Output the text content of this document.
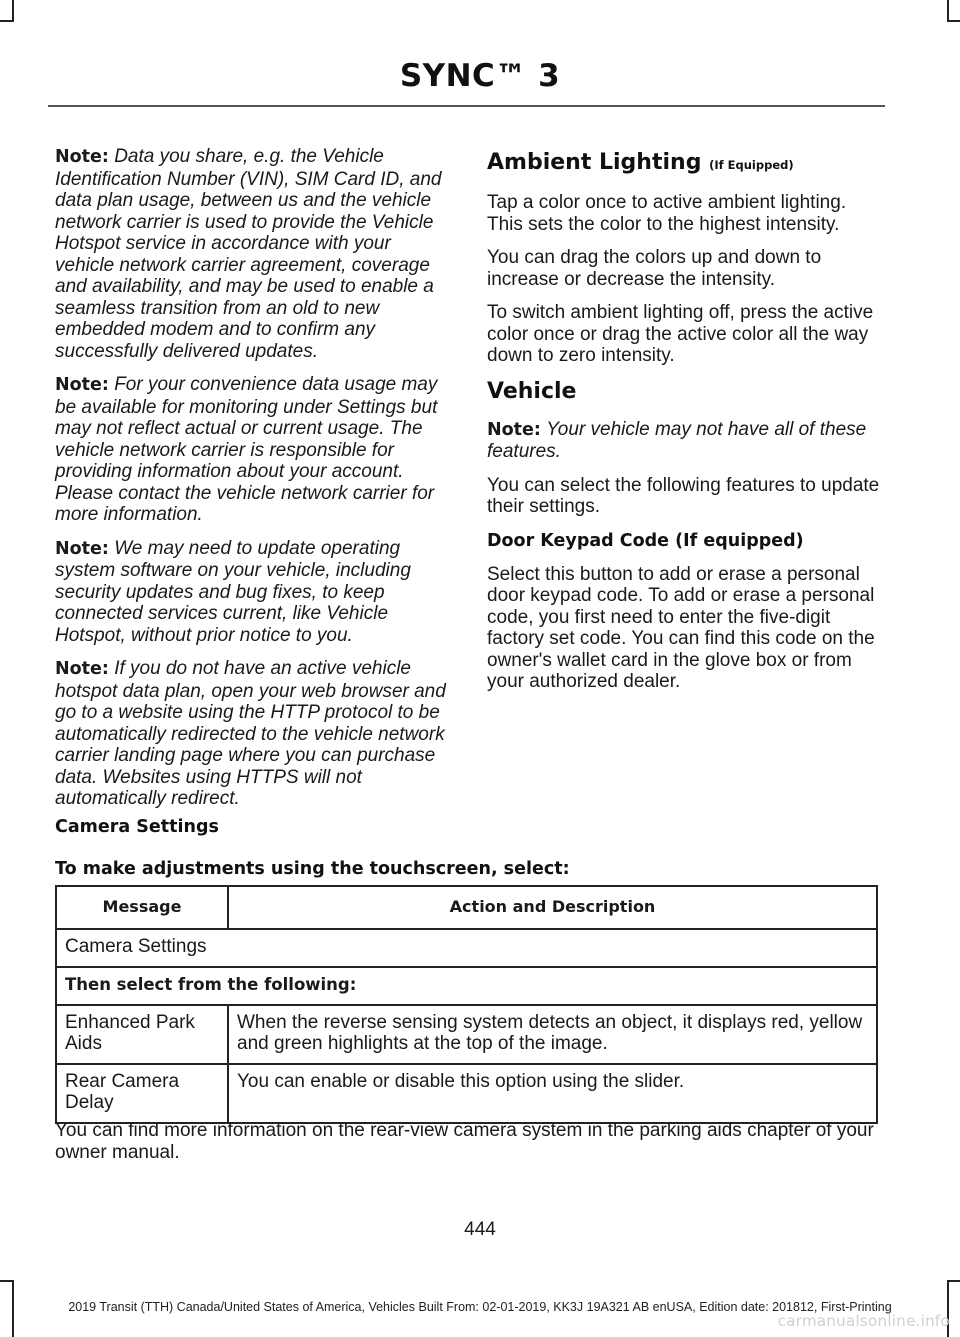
SYNC™ 3

Note: Data you share, e.g. the Vehicle Identification Number (VIN), SIM Card ID, and data plan usage, between us and the vehicle network carrier is used to provide the Vehicle Hotspot service in accordance with your vehicle network carrier agreement, coverage and availability, and may be used to enable a seamless transition from an old to new embedded modem and to confirm any successfully delivered updates.

Note: For your convenience data usage may be available for monitoring under Settings but may not reflect actual or current usage. The vehicle network carrier is responsible for providing information about your account. Please contact the vehicle network carrier for more information.

Note: We may need to update operating system software on your vehicle, including security updates and bug fixes, to keep connected services current, like Vehicle Hotspot, without prior notice to you.

Note: If you do not have an active vehicle hotspot data plan, open your web browser and go to a website using the HTTP protocol to be automatically redirected to the vehicle network carrier landing page where you can purchase data. Websites using HTTPS will not automatically redirect.

Ambient Lighting (If Equipped)

Tap a color once to active ambient lighting. This sets the color to the highest intensity.

You can drag the colors up and down to increase or decrease the intensity.

To switch ambient lighting off, press the active color once or drag the active color all the way down to zero intensity.

Vehicle

Note: Your vehicle may not have all of these features.

You can select the following features to update their settings.

Door Keypad Code (If equipped)

Select this button to add or erase a personal door keypad code. To add or erase a personal code, you first need to enter the five-digit factory set code. You can find this code on the owner's wallet card in the glove box or from your authorized dealer.

Camera Settings
To make adjustments using the touchscreen, select:
Message	Action and Description
Camera Settings	
Then select from the following:	
Enhanced Park Aids	When the reverse sensing system detects an object, it displays red, yellow and green highlights at the top of the image.
Rear Camera Delay	You can enable or disable this option using the slider.
You can find more information on the rear-view camera system in the parking aids chapter of your owner manual.
444
2019 Transit (TTH) Canada/United States of America, Vehicles Built From: 02-01-2019, KK3J 19A321 AB enUSA, Edition date: 201812, First-Printing
carmanualsonline.info
